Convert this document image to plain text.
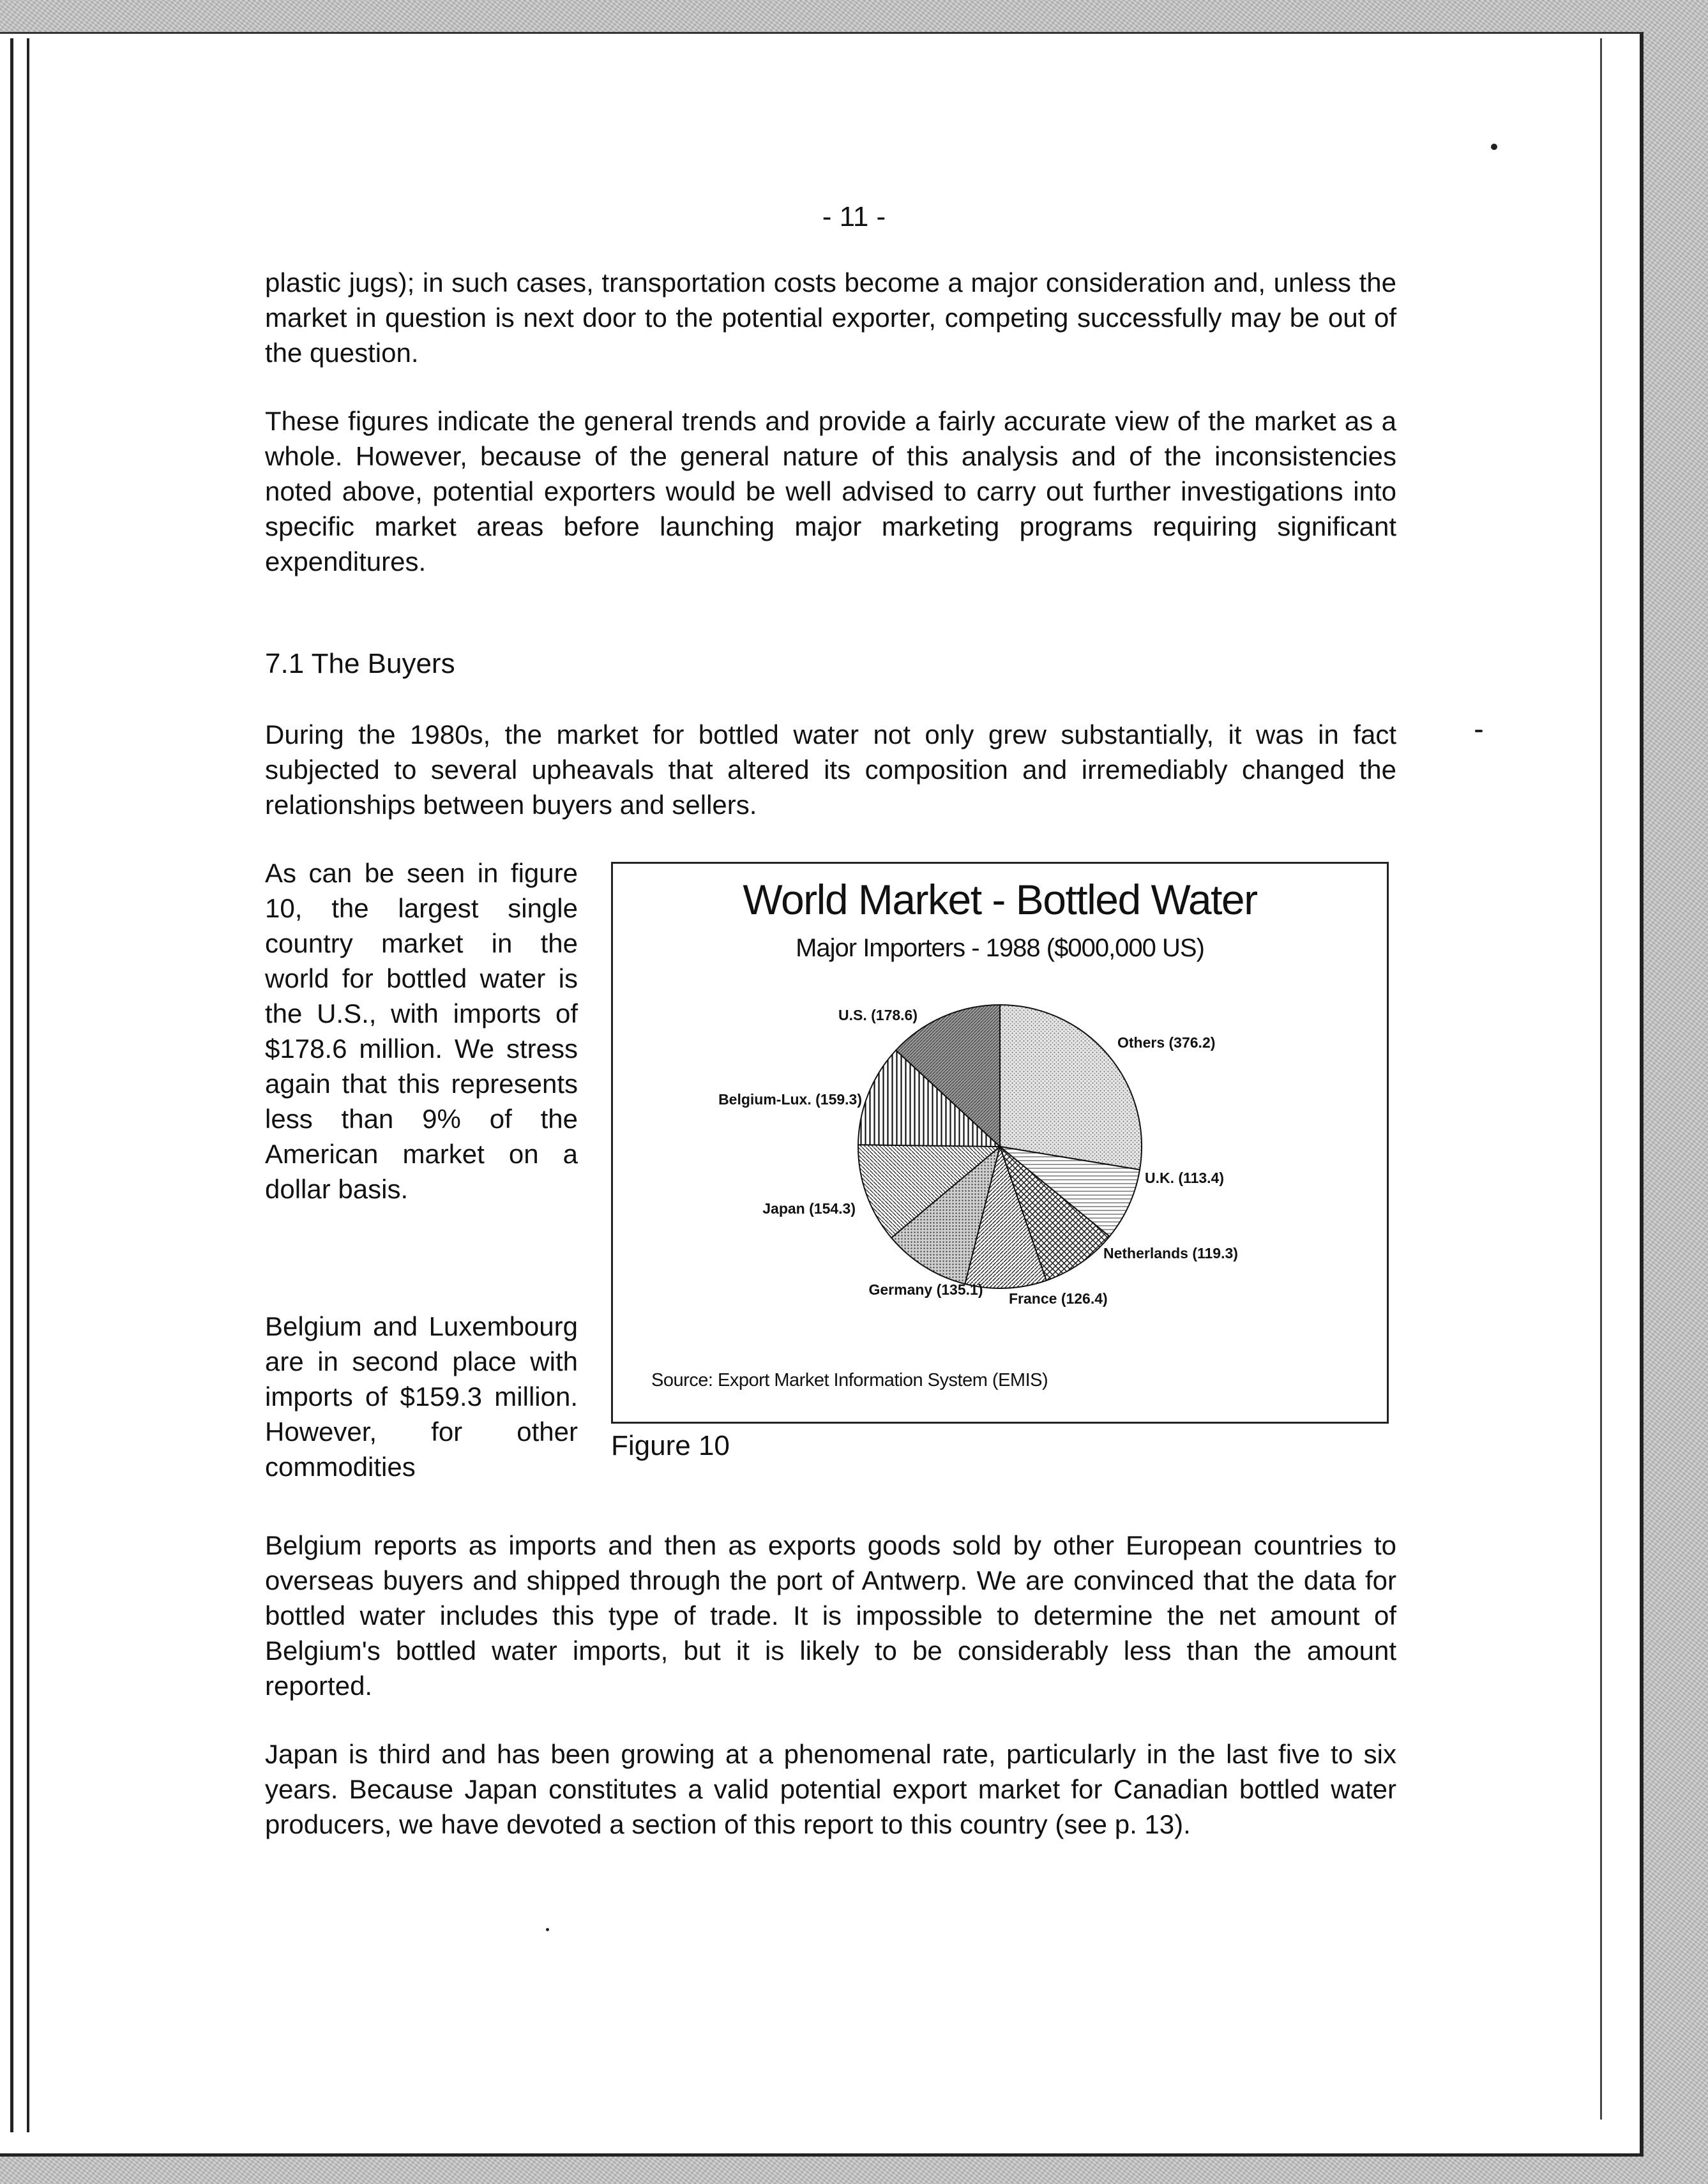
- 11 -

plastic jugs); in such cases, transportation costs become a major consideration and, unless the market in question is next door to the potential exporter, competing successfully may be out of the question.

These figures indicate the general trends and provide a fairly accurate view of the market as a whole. However, because of the general nature of this analysis and of the inconsistencies noted above, potential exporters would be well advised to carry out further investigations into specific market areas before launching major marketing programs requiring significant expenditures.

7.1 The Buyers

During the 1980s, the market for bottled water not only grew substantially, it was in fact subjected to several upheavals that altered its composition and irremediably changed the relationships between buyers and sellers.

As can be seen in figure 10, the largest single country market in the world for bottled water is the U.S., with imports of $178.6 million. We stress again that this represents less than 9% of the American market on a dollar basis.

Belgium and Luxembourg are in second place with imports of $159.3 million. However, for other commodities

Belgium reports as imports and then as exports goods sold by other European countries to overseas buyers and shipped through the port of Antwerp. We are convinced that the data for bottled water includes this type of trade. It is impossible to determine the net amount of Belgium's bottled water imports, but it is likely to be considerably less than the amount reported.

Japan is third and has been growing at a phenomenal rate, particularly in the last five to six years. Because Japan constitutes a valid potential export market for Canadian bottled water producers, we have devoted a section of this report to this country (see p. 13).

World Market - Bottled Water
Major Importers - 1988 ($000,000 US)
Others (376.2)
U.K. (113.4)
Netherlands (119.3)
France (126.4)
Germany (135.1)
Japan (154.3)
Belgium-Lux. (159.3)
U.S. (178.6)
Source: Export Market Information System (EMIS)
Figure 10
